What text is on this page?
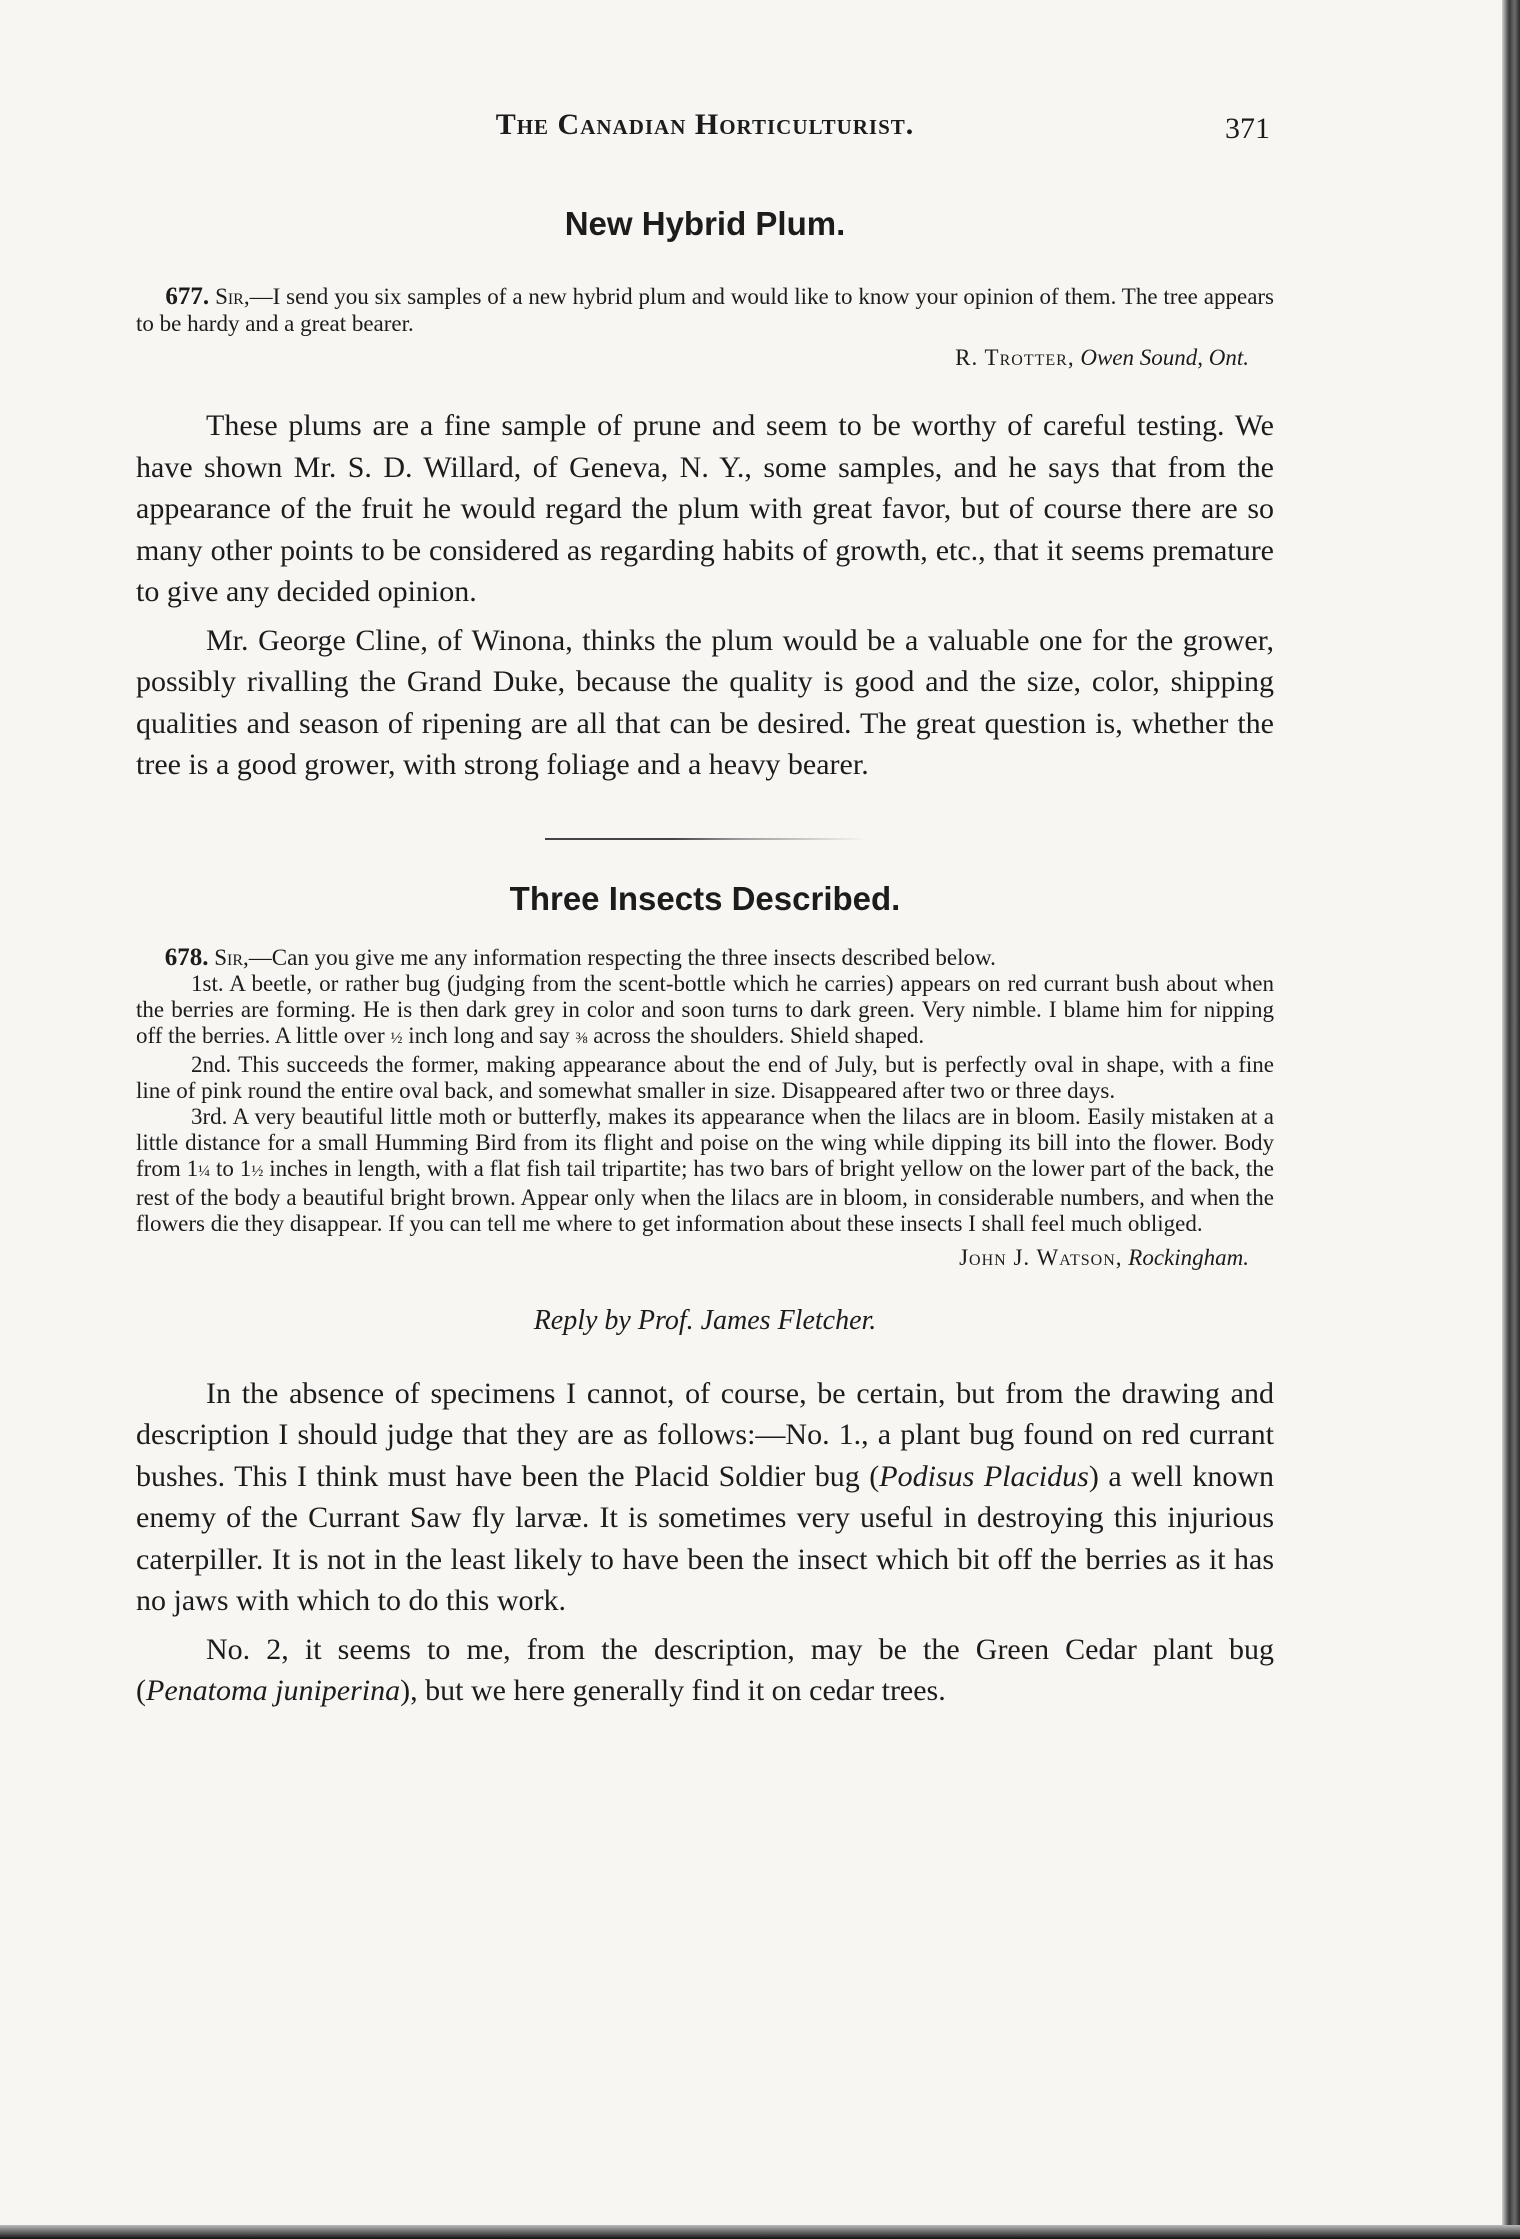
The Canadian Horticulturist.	371
New Hybrid Plum.

677. Sir,—I send you six samples of a new hybrid plum and would like to know your opinion of them. The tree appears to be hardy and a great bearer.

R. Trotter, Owen Sound, Ont.

These plums are a fine sample of prune and seem to be worthy of careful testing. We have shown Mr. S. D. Willard, of Geneva, N. Y., some samples, and he says that from the appearance of the fruit he would regard the plum with great favor, but of course there are so many other points to be considered as regarding habits of growth, etc., that it seems premature to give any decided opinion.

Mr. George Cline, of Winona, thinks the plum would be a valuable one for the grower, possibly rivalling the Grand Duke, because the quality is good and the size, color, shipping qualities and season of ripening are all that can be desired. The great question is, whether the tree is a good grower, with strong foliage and a heavy bearer.

Three Insects Described.

678. Sir,—Can you give me any information respecting the three insects described below.

1st. A beetle, or rather bug (judging from the scent-bottle which he carries) appears on red currant bush about when the berries are forming. He is then dark grey in color and soon turns to dark green. Very nimble. I blame him for nipping off the berries. A little over ½ inch long and say ⅜ across the shoulders. Shield shaped.

2nd. This succeeds the former, making appearance about the end of July, but is perfectly oval in shape, with a fine line of pink round the entire oval back, and somewhat smaller in size. Disappeared after two or three days.

3rd. A very beautiful little moth or butterfly, makes its appearance when the lilacs are in bloom. Easily mistaken at a little distance for a small Humming Bird from its flight and poise on the wing while dipping its bill into the flower. Body from 1¼ to 1½ inches in length, with a flat fish tail tripartite; has two bars of bright yellow on the lower part of the back, the rest of the body a beautiful bright brown. Appear only when the lilacs are in bloom, in considerable numbers, and when the flowers die they disappear. If you can tell me where to get information about these insects I shall feel much obliged.

John J. Watson, Rockingham.
Reply by Prof. James Fletcher.

In the absence of specimens I cannot, of course, be certain, but from the drawing and description I should judge that they are as follows:—No. 1., a plant bug found on red currant bushes. This I think must have been the Placid Soldier bug (Podisus Placidus) a well known enemy of the Currant Saw fly larvæ. It is sometimes very useful in destroying this injurious caterpiller. It is not in the least likely to have been the insect which bit off the berries as it has no jaws with which to do this work.

No. 2, it seems to me, from the description, may be the Green Cedar plant bug (Penatoma juniperina), but we here generally find it on cedar trees.
